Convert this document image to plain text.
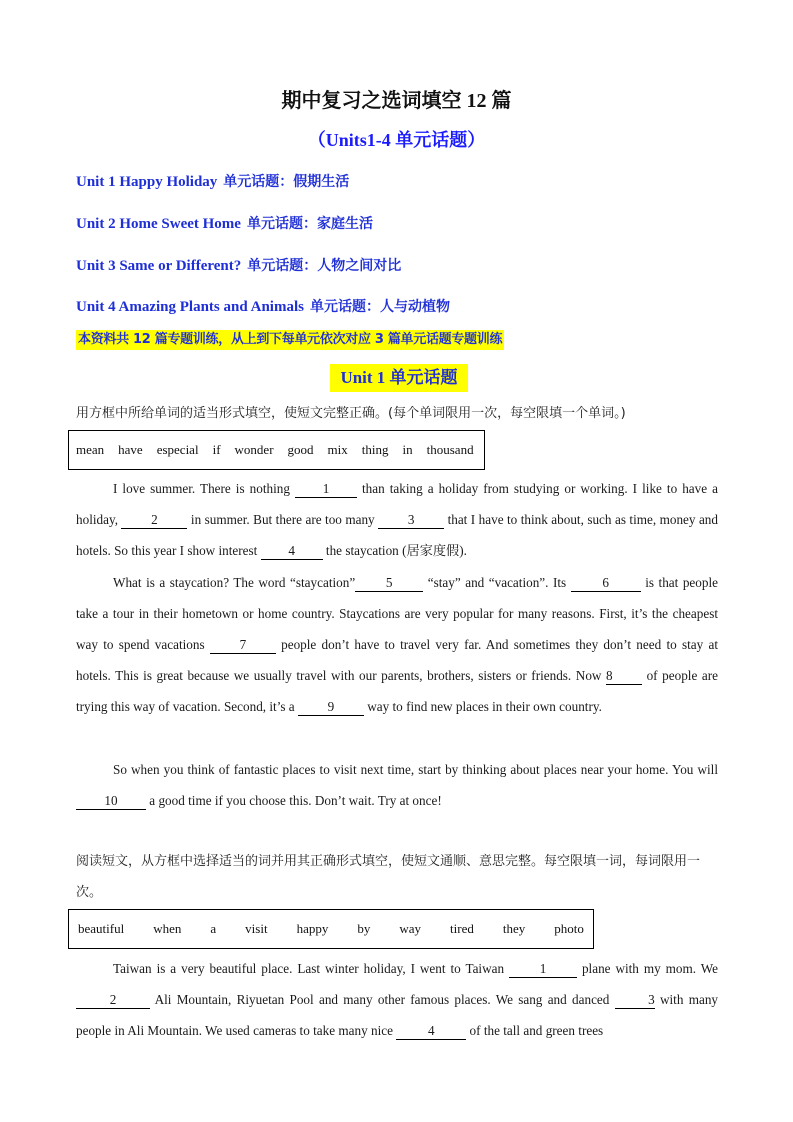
期中复习之选词填空 12 篇
（Units1-4 单元话题）
Unit 1 Happy Holiday 单元话题：假期生活
Unit 2 Home Sweet Home 单元话题：家庭生活
Unit 3 Same or Different? 单元话题：人物之间对比
Unit 4 Amazing Plants and Animals 单元话题：人与动植物
本资料共 12 篇专题训练，从上到下每单元依次对应 3 篇单元话题专题训练
Unit 1 单元话题
用方框中所给单词的适当形式填空，使短文完整正确。(每个单词限用一次，每空限填一个单词。)
mean	have	especial	if	wonder	good	mix	thing	in	thousand

I love summer. There is nothing 1 than taking a holiday from studying or working. I like to have a holiday, 2 in summer. But there are too many 3 that I have to think about, such as time, money and hotels. So this year I show interest 4 the staycation (居家度假).

What is a staycation? The word “staycation” 5 “stay” and “vacation”. Its 6 is that people take a tour in their hometown or home country. Staycations are very popular for many reasons. First, it’s the cheapest way to spend vacations 7 people don’t have to travel very far. And sometimes they don’t need to stay at hotels. This is great because we usually travel with our parents, brothers, sisters or friends. Now 8 of people are trying this way of vacation. Second, it’s a 9 way to find new places in their own country.

So when you think of fantastic places to visit next time, start by thinking about places near your home. You will 10 a good time if you choose this. Don’t wait. Try at once!

阅读短文，从方框中选择适当的词并用其正确形式填空，使短文通顺、意思完整。每空限填一词，每词限用一次。
beautiful	when	a	visit	happy	by	way	tired	they	photo

Taiwan is a very beautiful place. Last winter holiday, I went to Taiwan 1 plane with my mom. We 2	Ali Mountain, Riyuetan Pool and many other famous places. We sang and danced	3 with many people in Ali Mountain. We used cameras to take many nice 4 of the tall and green trees
